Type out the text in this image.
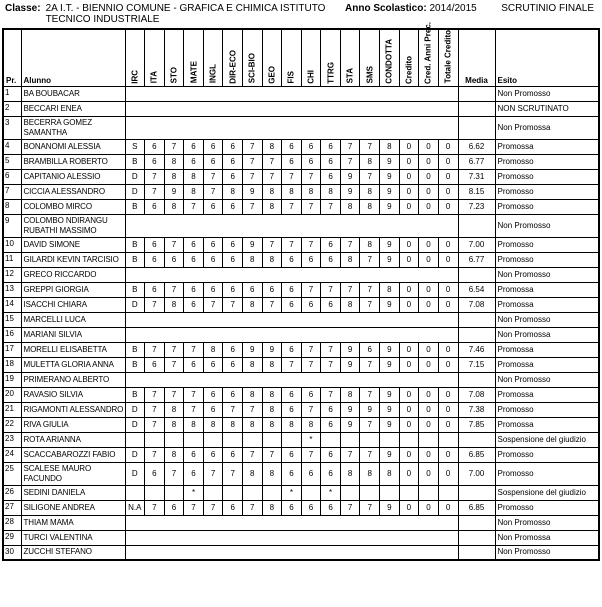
Classe: 2A I.T. - BIENNIO COMUNE - GRAFICA E CHIMICA ISTITUTO TECNICO INDUSTRIALE
Anno Scolastico: 2014/2015	SCRUTINIO FINALE
Pr.	Alunno	IRC	ITA	STO	MATE	INGL	DIR-ECO	SCI-BIO	GEO	FIS	CHI	TTRG	STA	SMS	CONDOTTA	Credito	Cred. Anni Prec.	Totale Credito	Media	Esito
1	BA BOUBACAR																			Non Promosso
2	BECCARI ENEA																			NON SCRUTINATO
3	BECERRA GOMEZ SAMANTHA																			Non Promossa
4	BONANOMI ALESSIA	S	6	7	6	6	6	7	8	6	6	6	7	7	8	0	0	0	6.62	Promossa
5	BRAMBILLA ROBERTO	B	6	8	6	6	6	7	7	6	6	6	7	8	9	0	0	0	6.77	Promosso
6	CAPITANIO ALESSIO	D	7	8	8	7	6	7	7	7	7	6	9	7	9	0	0	0	7.31	Promosso
7	CICCIA ALESSANDRO	D	7	9	8	7	8	9	8	8	8	8	9	8	9	0	0	0	8.15	Promosso
8	COLOMBO MIRCO	B	6	8	7	6	6	7	8	7	7	7	8	8	9	0	0	0	7.23	Promosso
9	COLOMBO NDIRANGU RUBATHI MASSIMO																			Non Promosso
10	DAVID SIMONE	B	6	7	6	6	6	9	7	7	7	6	7	8	9	0	0	0	7.00	Promosso
11	GILARDI KEVIN TARCISIO	B	6	6	6	6	6	8	8	6	6	6	8	7	9	0	0	0	6.77	Promosso
12	GRECO RICCARDO																			Non Promosso
13	GREPPI GIORGIA	B	6	7	6	6	6	6	6	6	7	7	7	7	8	0	0	0	6.54	Promossa
14	ISACCHI CHIARA	D	7	8	6	7	7	8	7	6	6	6	8	7	9	0	0	0	7.08	Promossa
15	MARCELLI LUCA																			Non Promosso
16	MARIANI SILVIA																			Non Promossa
17	MORELLI ELISABETTA	B	7	7	7	8	6	9	9	6	7	7	9	6	9	0	0	0	7.46	Promossa
18	MULETTA GLORIA ANNA	B	6	7	6	6	6	8	8	7	7	7	9	7	9	0	0	0	7.15	Promossa
19	PRIMERANO ALBERTO																			Non Promosso
20	RAVASIO SILVIA	B	7	7	7	6	6	8	8	6	6	7	8	7	9	0	0	0	7.08	Promossa
21	RIGAMONTI ALESSANDRO	D	7	8	7	6	7	7	8	6	7	6	9	9	9	0	0	0	7.38	Promosso
22	RIVA GIULIA	D	7	8	8	8	8	8	8	8	8	6	9	7	9	0	0	0	7.85	Promossa
23	ROTA ARIANNA										*									Sospensione del giudizio
24	SCACCABAROZZI FABIO	D	7	8	6	6	6	7	7	6	7	6	7	7	9	0	0	0	6.85	Promosso
25	SCALESE MAURO FACUNDO	D	6	7	6	7	7	8	8	6	6	6	8	8	8	0	0	0	7.00	Promosso
26	SEDINI DANIELA				*					*		*								Sospensione del giudizio
27	SILIGONE ANDREA	N.A	7	6	7	7	6	7	8	6	6	6	7	7	9	0	0	0	6.85	Promosso
28	THIAM MAMA																			Non Promosso
29	TURCI VALENTINA																			Non Promossa
30	ZUCCHI STEFANO																			Non Promosso
